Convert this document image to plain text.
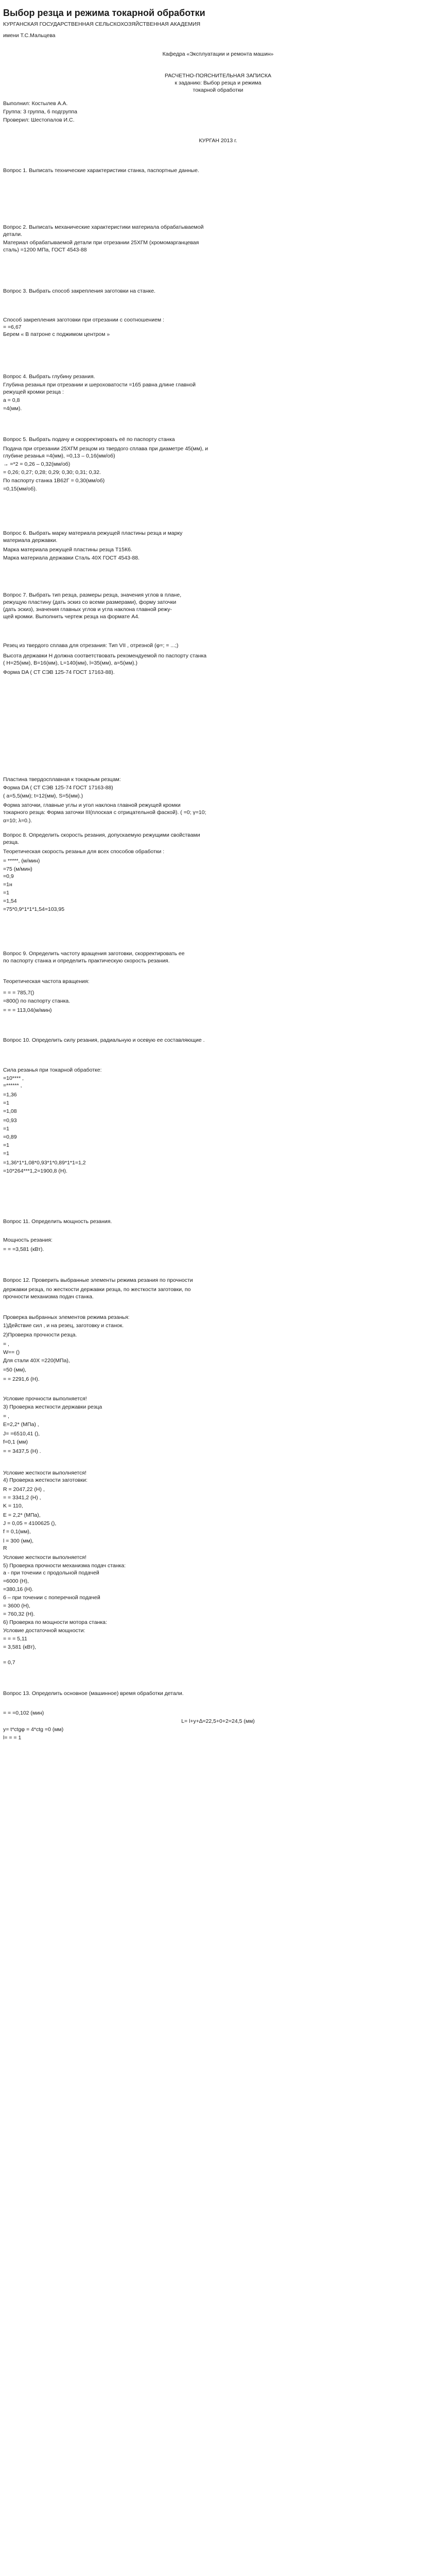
Выбор резца и режима токарной обработки
КУРГАНСКАЯ ГОСУДАРСТВЕННАЯ СЕЛЬСКОХОЗЯЙСТВЕННАЯ АКАДЕМИЯ
имени Т.С.Мальцева
Кафедра «Эксплуатации и ремонта машин»
РАСЧЕТНО-ПОЯСНИТЕЛЬНАЯ ЗАПИСКА
к заданию: Выбор резца и режима
токарной обработки
Выполнил: Костылев А.А.
Группа: 3 группа, 6 подгруппа
Проверил: Шестопалов И.С.
КУРГАН 2013 г.
Вопрос 1. Выписать технические характеристики станка, паспортные данные.
Вопрос 2. Выписать механические характеристики материала обрабатываемой
детали.
Материал обрабатываемой детали при отрезании 25ХГМ (хромомарганцевая
сталь) =1200 МПа, ГОСТ 4543-88
Вопрос 3. Выбрать способ закрепления заготовки на станке.
Способ закрепления заготовки при отрезании с соотношением :
= =6,67
Берем « В патроне с поджимом центром »
Вопрос 4. Выбрать глубину резания.
Глубина резанья при отрезании и шероховатости =165 равна длине главной
режущей кромки резца :
a = 0,8
=4(мм).
Вопрос 5. Выбрать подачу и скорректировать её по паспорту станка
Подача при отрезании 25ХГМ резцом из твердого сплава при диаметре 45(мм), и
глубине резанья =4(мм), =0,13 – 0,16(мм/об)
→ =*2 = 0,26 – 0,32(мм/об)
= 0,26; 0,27; 0,28; 0,29; 0,30; 0,31; 0,32.
По паспорту станка 1В62Г = 0,30(мм/об)
=0,15(мм/об).
Вопрос 6. Выбрать марку материала режущей пластины резца и марку
материала державки.
Марка материала режущей пластины резца Т15К6.
Марка материала державки Сталь 40Х ГОСТ 4543-88.
Вопрос 7. Выбрать тип резца, размеры резца, значения углов в плане,
режущую пластину (дать эскиз со всеми размерами), форму заточки
(дать эскиз), значения главных углов и угла наклона главной режу-
щей кромки. Выполнить чертеж резца на формате А4.
Резец из твердого сплава для отрезания: Тип VII , отрезной (φ=; = ...;)
Высота державки H должна соответствовать рекомендуемой по паспорту станка
( H=25(мм), B=16(мм), L=140(мм), l=35(мм), a=5(мм).)
Форма DA ( СТ СЭВ 125-74 ГОСТ 17163-88).
Пластина твердосплавная к токарным резцам:
Форма DA ( СТ СЭВ 125-74 ГОСТ 17163-88)
( a=5,5(мм); t=12(мм), S=5(мм).)
Форма заточки, главные углы и угол наклона главной режущей кромки
токарного резца: Форма заточки III(плоская с отрицательной фаской). ( =0; γ=10;
α=10; λ=0.).
Вопрос 8. Определить скорость резания, допускаемую режущими свойствами
резца.
Теоретическая скорость резанья для всех способов обработки :
= *****, (м/мин)
=75 (м/мин)
=0,9
=1н
=1
=1,54
=75*0,9*1*1*1,54=103,95
Вопрос 9. Определить частоту вращения заготовки, скорректировать ее
по паспорту станка и определить практическую скорость резания.
Теоретическая частота вращения:
= = = 785,7()
=800() по паспорту станка.
= = = 113,04(м/мин)
Вопрос 10. Определить силу резания, радиальную и осевую ее составляющие .
Сила резанья при токарной обработке:
=10**** ,
=****** ,
=1,36
=1
=1,08
=0,93
=1
=0,89
=1
=1
=1,36*1*1,08*0,93*1*0,89*1*1=1,2
=10*264***1,2=1900,8 (Н).
Вопрос 11. Определить мощность резания.
Мощность резания:
= = =3,581 (кВт).
Вопрос 12. Проверить выбранные элементы режима резания по прочности
державки резца, по жесткости державки резца, по жесткости заготовки, по
прочности механизма подач станка.
Проверка выбранных элементов режима резанья:
1)Действие сил , и на резец, заготовку и станок.
2)Проверка прочности резца.
= ,
W== ()
Для стали 40Х =220(МПа),
=50 (мм),
= = 2291,6 (Н).
Условие прочности выполняется!
3) Проверка жесткости державки резца
= ,
E=2,2* (МПа) ,
J= =6510,41 (),
f=0,1 (мм)
= = 3437,5 (Н) .
Условие жесткости выполняется!
4) Проверка жесткости заготовки:
R = 2047,22 (Н) ,
= = 3341,2 (Н) ,
K = 110,
E = 2,2* (МПа),
J = 0,05 = 4100625 (),
f = 0,1(мм),
l = 300 (мм),
R
Условие жесткости выполняется!
5) Проверка прочности механизма подач станка:
a - при точении с продольной подачей
=6000 (Н),
=380,16 (Н).
б – при точении с поперечной подачей
= 3600 (Н),
= 760,32 (Н).
6) Проверка по мощности мотора станка:
Условие достаточной мощности:
= = = 5,11
= 3,581 (кВт),
= 0,7
Вопрос 13. Определить основное (машинное) время обработки детали.
= = =0,102 (мин)
L= l+y+∆=22,5+0+2=24,5 (мм)
y= t*ctgφ = 4*ctg =0 (мм)
l= = = 1
